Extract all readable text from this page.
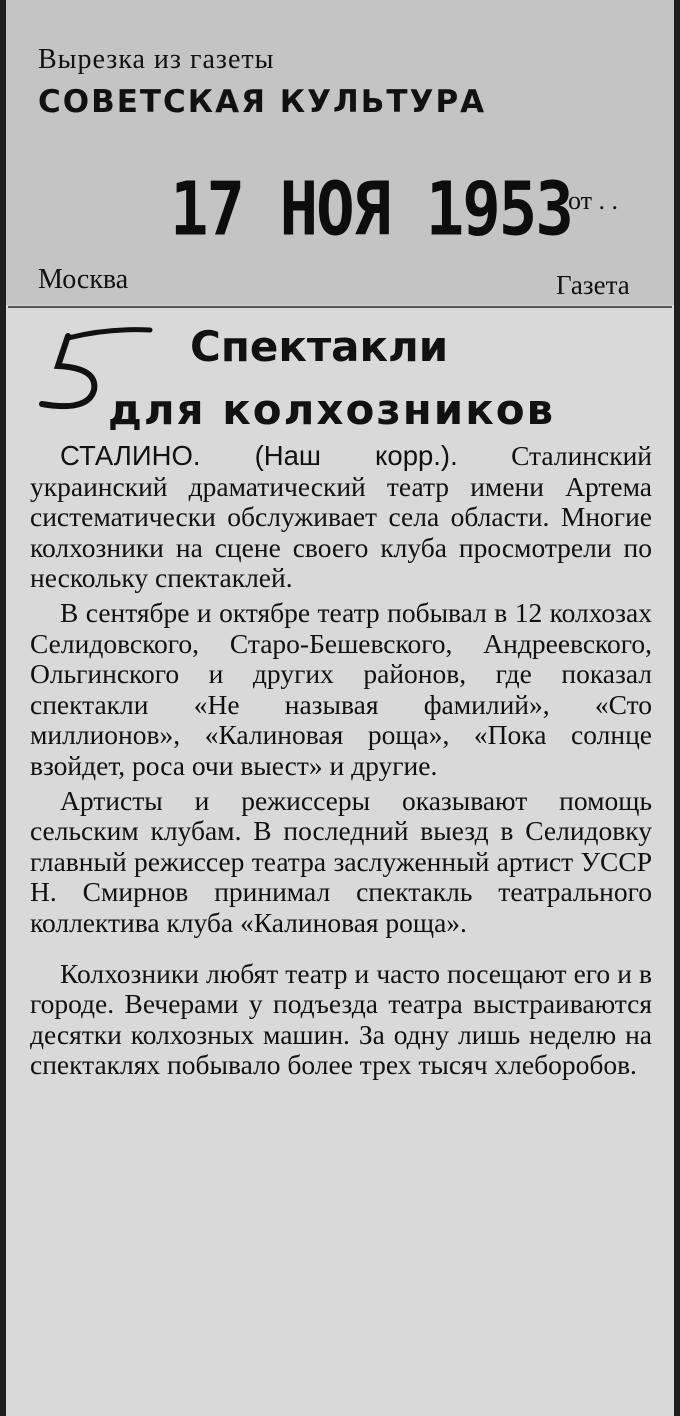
Вырезка из газеты
СОВЕТСКАЯ КУЛЬТУРА
17 НОЯ 1953
от . .
Москва	Газета
Спектакли
для колхозников

СТАЛИНО. (Наш корр.). Сталинский украинский драматический театр имени Артема систематически обслуживает села области. Многие колхозники на сцене своего клуба просмотрели по нескольку спектаклей.

В сентябре и октябре театр побывал в 12 колхозах Селидовского, Старо-Бешевского, Андреевского, Ольгинского и других районов, где показал спектакли «Не называя фамилий», «Сто миллионов», «Калиновая роща», «Пока солнце взойдет, роса очи выест» и другие.

Артисты и режиссеры оказывают помощь сельским клубам. В последний выезд в Селидовку главный режиссер театра заслуженный артист УССР Н. Смирнов принимал спектакль театрального коллектива клуба «Калиновая роща».

Колхозники любят театр и часто посещают его и в городе. Вечерами у подъезда театра выстраиваются десятки колхозных машин. За одну лишь неделю на спектаклях побывало более трех тысяч хлеборобов.
